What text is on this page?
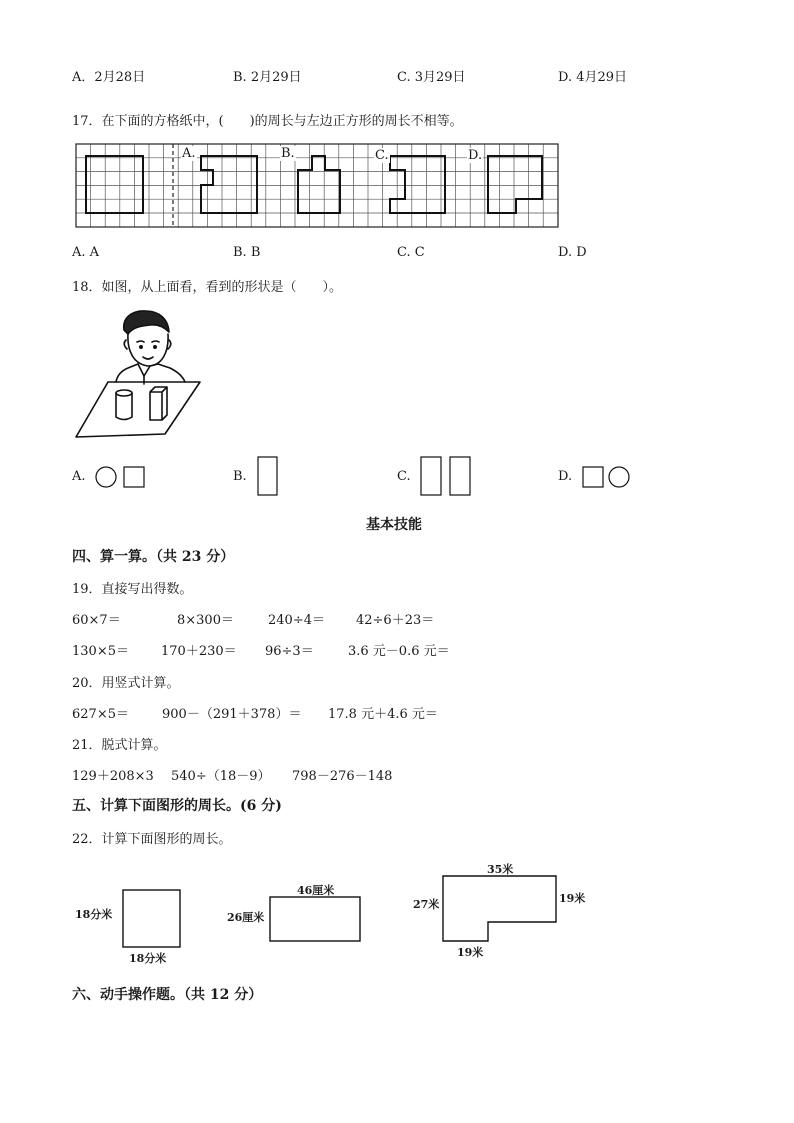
A．2月28日	B. 2月29日	C. 3月29日	D. 4月29日
17．在下面的方格纸中，(　　)的周长与左边正方形的周长不相等。
A.	B.	C.	D.
A. A	B. B	C. C	D. D
18．如图，从上面看，看到的形状是（　　）。
A.	B.	C.	D.
基本技能
四、算一算。（共 23 分）
19．直接写出得数。
60×7＝	8×300＝	240÷4＝ 42÷6＋23＝
130×5＝ 170＋230＝ 96÷3＝	3.6 元－0.6 元＝
20．用竖式计算。
627×5＝	900－（291＋378）＝ 17.8 元＋4.6 元＝
21．脱式计算。
129＋208×3 540÷（18－9） 798－276－148
五、计算下面图形的周长。(6 分)
22．计算下面图形的周长。
18分米
18分米
46厘米
26厘米
35米
27米	19米
19米
六、动手操作题。（共 12 分）
